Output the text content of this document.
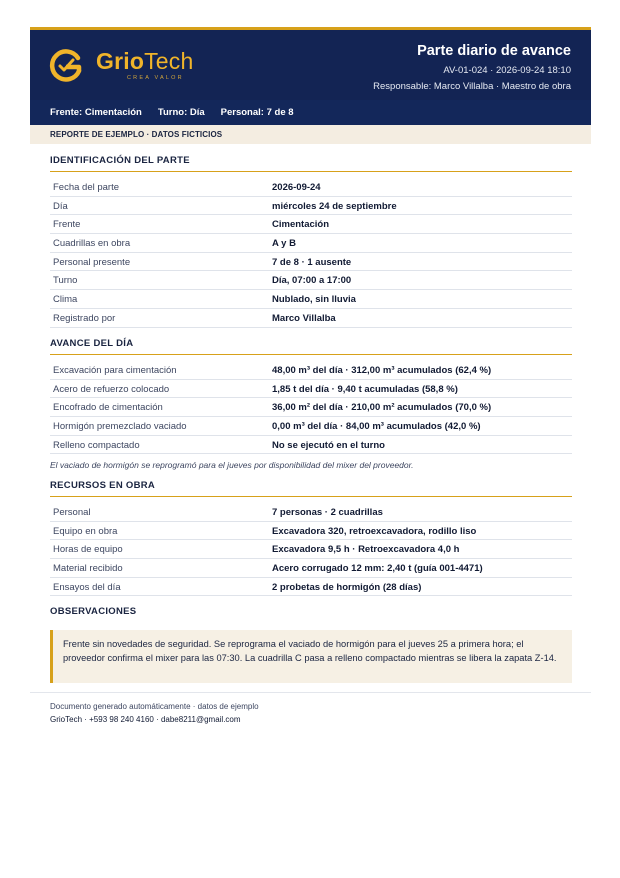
GrioTech
CREA VALOR
Parte diario de avance
AV-01-024 · 2026-09-24 18:10
Responsable: Marco Villalba · Maestro de obra
Frente: Cimentación Turno: Día Personal: 7 de 8
REPORTE DE EJEMPLO · DATOS FICTICIOS
IDENTIFICACIÓN DEL PARTE
Fecha del parte	2026-09-24
Día	miércoles 24 de septiembre
Frente	Cimentación
Cuadrillas en obra	A y B
Personal presente	7 de 8 · 1 ausente
Turno	Día, 07:00 a 17:00
Clima	Nublado, sin lluvia
Registrado por	Marco Villalba
AVANCE DEL DÍA
Excavación para cimentación	48,00 m³ del día · 312,00 m³ acumulados (62,4 %)
Acero de refuerzo colocado	1,85 t del día · 9,40 t acumuladas (58,8 %)
Encofrado de cimentación	36,00 m² del día · 210,00 m² acumulados (70,0 %)
Hormigón premezclado vaciado	0,00 m³ del día · 84,00 m³ acumulados (42,0 %)
Relleno compactado	No se ejecutó en el turno
El vaciado de hormigón se reprogramó para el jueves por disponibilidad del mixer del proveedor.
RECURSOS EN OBRA
Personal	7 personas · 2 cuadrillas
Equipo en obra	Excavadora 320, retroexcavadora, rodillo liso
Horas de equipo	Excavadora 9,5 h · Retroexcavadora 4,0 h
Material recibido	Acero corrugado 12 mm: 2,40 t (guía 001-4471)
Ensayos del día	2 probetas de hormigón (28 días)
OBSERVACIONES
Frente sin novedades de seguridad. Se reprograma el vaciado de hormigón para el jueves 25 a primera hora; el proveedor confirma el mixer para las 07:30. La cuadrilla C pasa a relleno compactado mientras se libera la zapata Z-14.
Documento generado automáticamente · datos de ejemplo
GrioTech · +593 98 240 4160 · dabe8211@gmail.com
